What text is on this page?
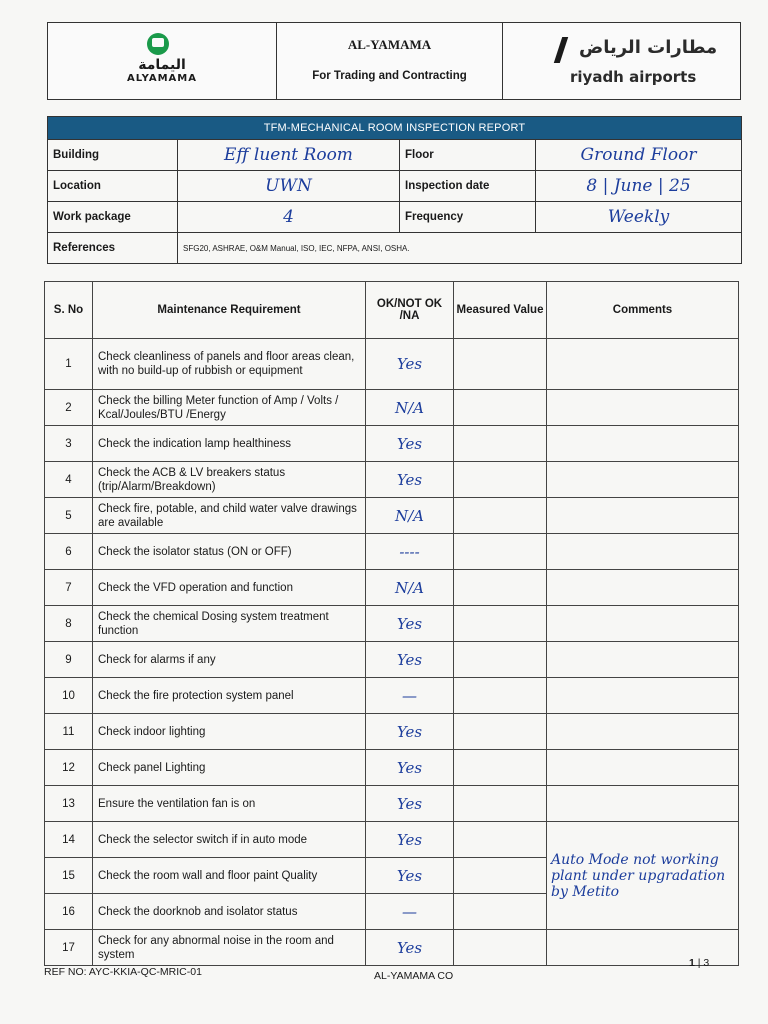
اليمامة
ALYAMAMA
AL-YAMAMA
For Trading and Contracting
مطارات الرياض
riyadh airports
TFM-MECHANICAL ROOM INSPECTION REPORT			
Building	Eff luent Room	Floor	Ground Floor
Location	UWN	Inspection date	8 | June | 25
Work package	4	Frequency	Weekly
References	SFG20, ASHRAE, O&M Manual, ISO, IEC, NFPA, ANSI, OSHA.		
S. No	Maintenance Requirement	OK/NOT OK /NA	Measured Value	Comments
1	Check cleanliness of panels and floor areas clean, with no build-up of rubbish or equipment	Yes		
2	Check the billing Meter function of Amp / Volts / Kcal/Joules/BTU /Energy	N/A		
3	Check the indication lamp healthiness	Yes		
4	Check the ACB & LV breakers status (trip/Alarm/Breakdown)	Yes		
5	Check fire, potable, and child water valve drawings are available	N/A		
6	Check the isolator status (ON or OFF)	----		
7	Check the VFD operation and function	N/A		
8	Check the chemical Dosing system treatment function	Yes		
9	Check for alarms if any	Yes		
10	Check the fire protection system panel	—		
11	Check indoor lighting	Yes		
12	Check panel Lighting	Yes		
13	Ensure the ventilation fan is on	Yes		
14	Check the selector switch if in auto mode	Yes		Auto Mode not working
plant under upgradation
by Metito

15	Check the room wall and floor paint Quality	Yes		
16	Check the doorknob and isolator status	—		
17	Check for any abnormal noise in the room and system	Yes		
REF NO: AYC-KKIA-QC-MRIC-01	AL-YAMAMA CO
1 | 3
